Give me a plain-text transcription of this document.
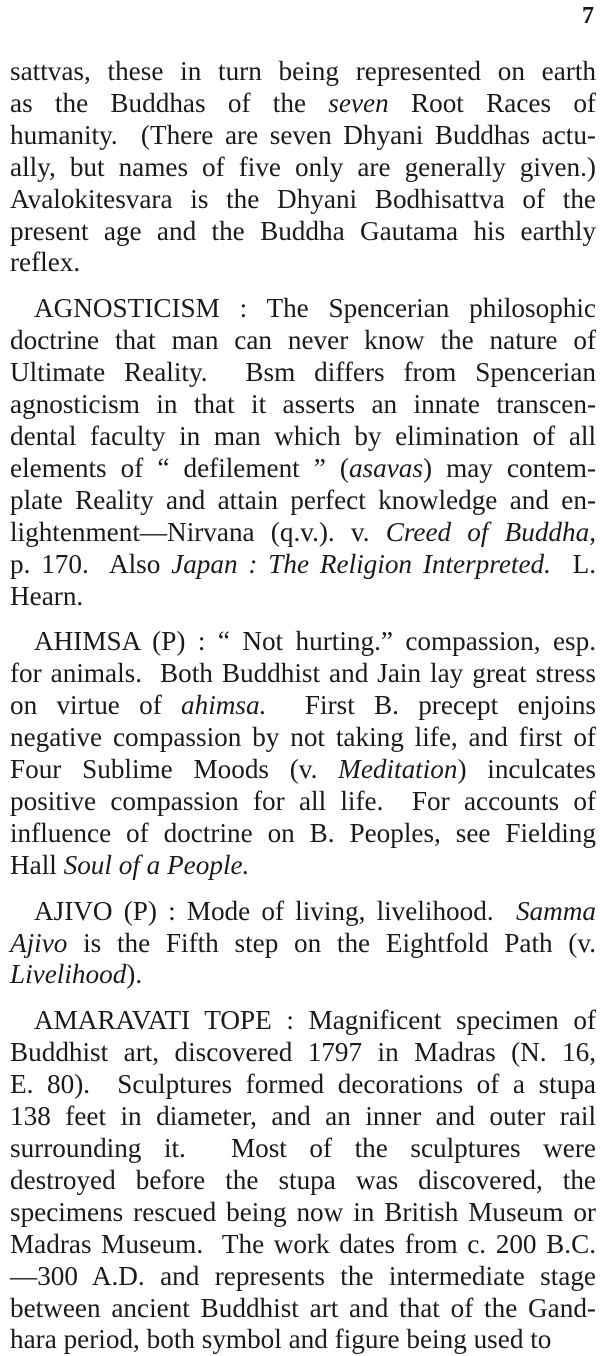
7
sattvas, these in turn being represented on earth
as the Buddhas of the seven Root Races of
humanity.  (There are seven Dhyani Buddhas actu-
ally, but names of five only are generally given.)
Avalokitesvara is the Dhyani Bodhisattva of the
present age and the Buddha Gautama his earthly
reflex.
AGNOSTICISM : The Spencerian philosophic
doctrine that man can never know the nature of
Ultimate Reality.  Bsm differs from Spencerian
agnosticism in that it asserts an innate transcen-
dental faculty in man which by elimination of all
elements of “ defilement ” (asavas) may contem-
plate Reality and attain perfect knowledge and en-
lightenment—Nirvana (q.v.). v. Creed of Buddha,
p. 170.  Also Japan : The Religion Interpreted.  L.
Hearn.
AHIMSA (P) : “ Not hurting.” compassion, esp.
for animals.  Both Buddhist and Jain lay great stress
on virtue of ahimsa.  First B. precept enjoins
negative compassion by not taking life, and first of
Four Sublime Moods (v. Meditation) inculcates
positive compassion for all life.  For accounts of
influence of doctrine on B. Peoples, see Fielding
Hall Soul of a People.
AJIVO (P) : Mode of living, livelihood.  Samma
Ajivo is the Fifth step on the Eightfold Path (v.
Livelihood).
AMARAVATI TOPE : Magnificent specimen of
Buddhist art, discovered 1797 in Madras (N. 16,
E. 80).  Sculptures formed decorations of a stupa
138 feet in diameter, and an inner and outer rail
surrounding it.  Most of the sculptures were
destroyed before the stupa was discovered, the
specimens rescued being now in British Museum or
Madras Museum.  The work dates from c. 200 B.C.
—300 A.D. and represents the intermediate stage
between ancient Buddhist art and that of the Gand-
hara period, both symbol and figure being used to
